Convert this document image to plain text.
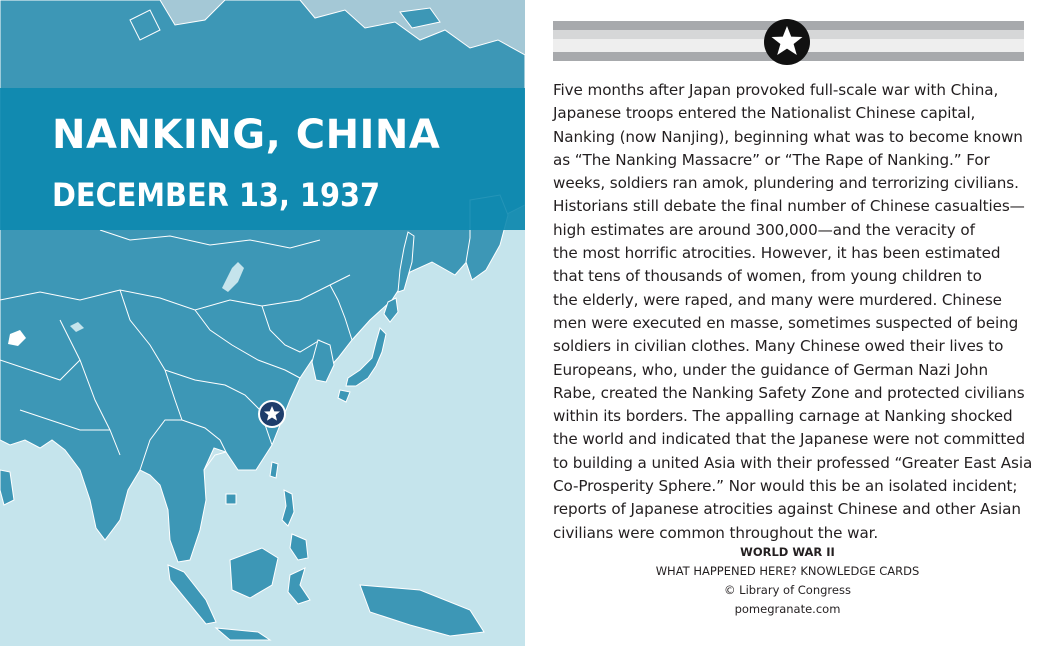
NANKING, CHINA
DECEMBER 13, 1937

Five months after Japan provoked full-scale war with China,
Japanese troops entered the Nationalist Chinese capital,
Nanking (now Nanjing), beginning what was to become known
as “The Nanking Massacre” or “The Rape of Nanking.” For
weeks, soldiers ran amok, plundering and terrorizing civilians.
Historians still debate the final number of Chinese casualties—
high estimates are around 300,000—and the veracity of
the most horrific atrocities. However, it has been estimated
that tens of thousands of women, from young children to
the elderly, were raped, and many were murdered. Chinese
men were executed en masse, sometimes suspected of being
soldiers in civilian clothes. Many Chinese owed their lives to
Europeans, who, under the guidance of German Nazi John
Rabe, created the Nanking Safety Zone and protected civilians
within its borders. The appalling carnage at Nanking shocked
the world and indicated that the Japanese were not committed
to building a united Asia with their professed “Greater East Asia
Co-Prosperity Sphere.” Nor would this be an isolated incident;
reports of Japanese atrocities against Chinese and other Asian
civilians were common throughout the war.

WORLD WAR II
WHAT HAPPENED HERE? KNOWLEDGE CARDS
© Library of Congress
pomegranate.com
